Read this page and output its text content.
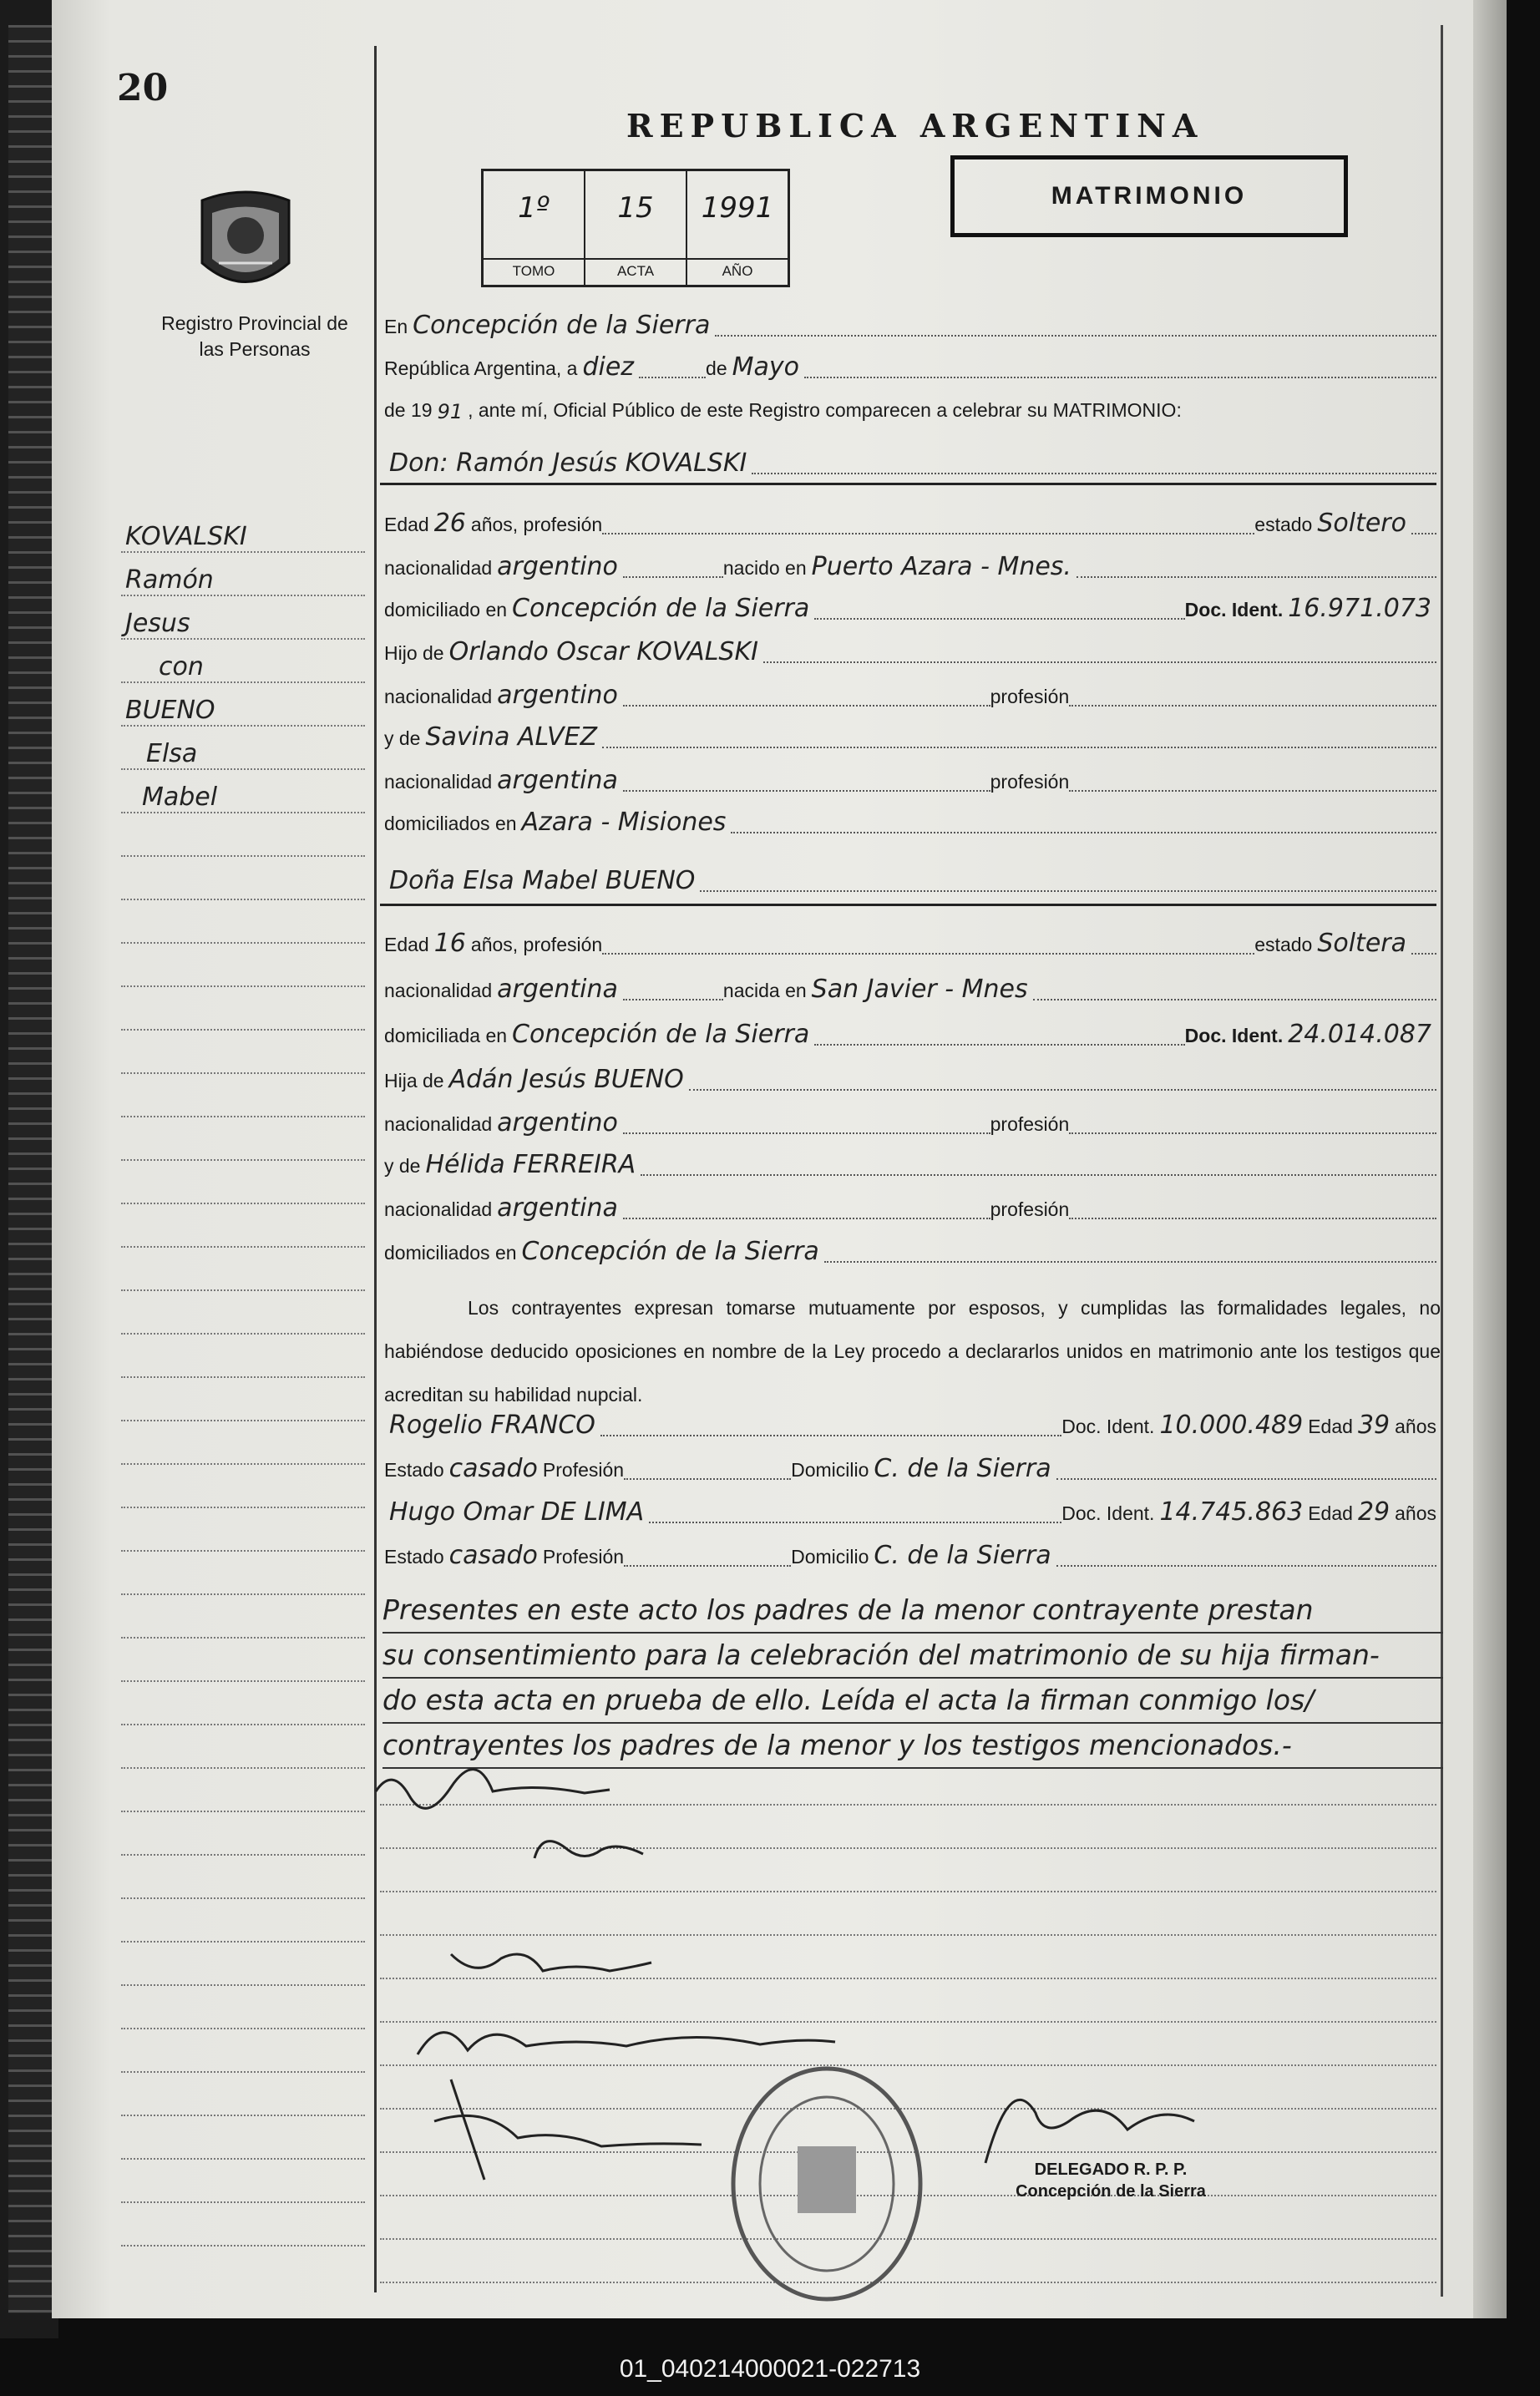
20
Registro Provincial de las Personas
REPUBLICA ARGENTINA
1º
TOMO
15
ACTA
1991
AÑO
MATRIMONIO
En Concepción de la Sierra
República Argentina, a diez	de Mayo
de 19 91 , ante mí, Oficial Público de este Registro comparecen a celebrar su MATRIMONIO:
Don: Ramón Jesús KOVALSKI
Edad 26 años, profesión	estado Soltero
nacionalidad argentino	nacido en Puerto Azara - Mnes.
domiciliado en Concepción de la Sierra	Doc. Ident. 16.971.073
Hijo de Orlando Oscar KOVALSKI
nacionalidad argentino	profesión
y de Savina ALVEZ
nacionalidad argentina	profesión
domiciliados en Azara - Misiones
Doña Elsa Mabel BUENO
Edad 16 años, profesión	estado Soltera
nacionalidad argentina	nacida en San Javier - Mnes
domiciliada en Concepción de la Sierra	Doc. Ident. 24.014.087
Hija de Adán Jesús BUENO
nacionalidad argentino	profesión
y de Hélida FERREIRA
nacionalidad argentina	profesión
domiciliados en Concepción de la Sierra
Los contrayentes expresan tomarse mutuamente por esposos, y cumplidas las formalidades legales, no habiéndose deducido oposiciones en nombre de la Ley procedo a declararlos unidos en matrimonio ante los testigos que acreditan su habilidad nupcial.
Rogelio FRANCO	Doc. Ident. 10.000.489 Edad 39 años
Estado casado Profesión	Domicilio C. de la Sierra
Hugo Omar DE LIMA	Doc. Ident. 14.745.863 Edad 29 años
Estado casado Profesión	Domicilio C. de la Sierra
Presentes en este acto los padres de la menor contrayente prestan
su consentimiento para la celebración del matrimonio de su hija firman-
do esta acta en prueba de ello. Leída el acta la firman conmigo los/
contrayentes los padres de la menor y los testigos mencionados.-
KOVALSKI
Ramón
Jesus
con
BUENO
Elsa
Mabel
DELEGADO R. P. P.
Concepción de la Sierra
01_040214000021-022713
